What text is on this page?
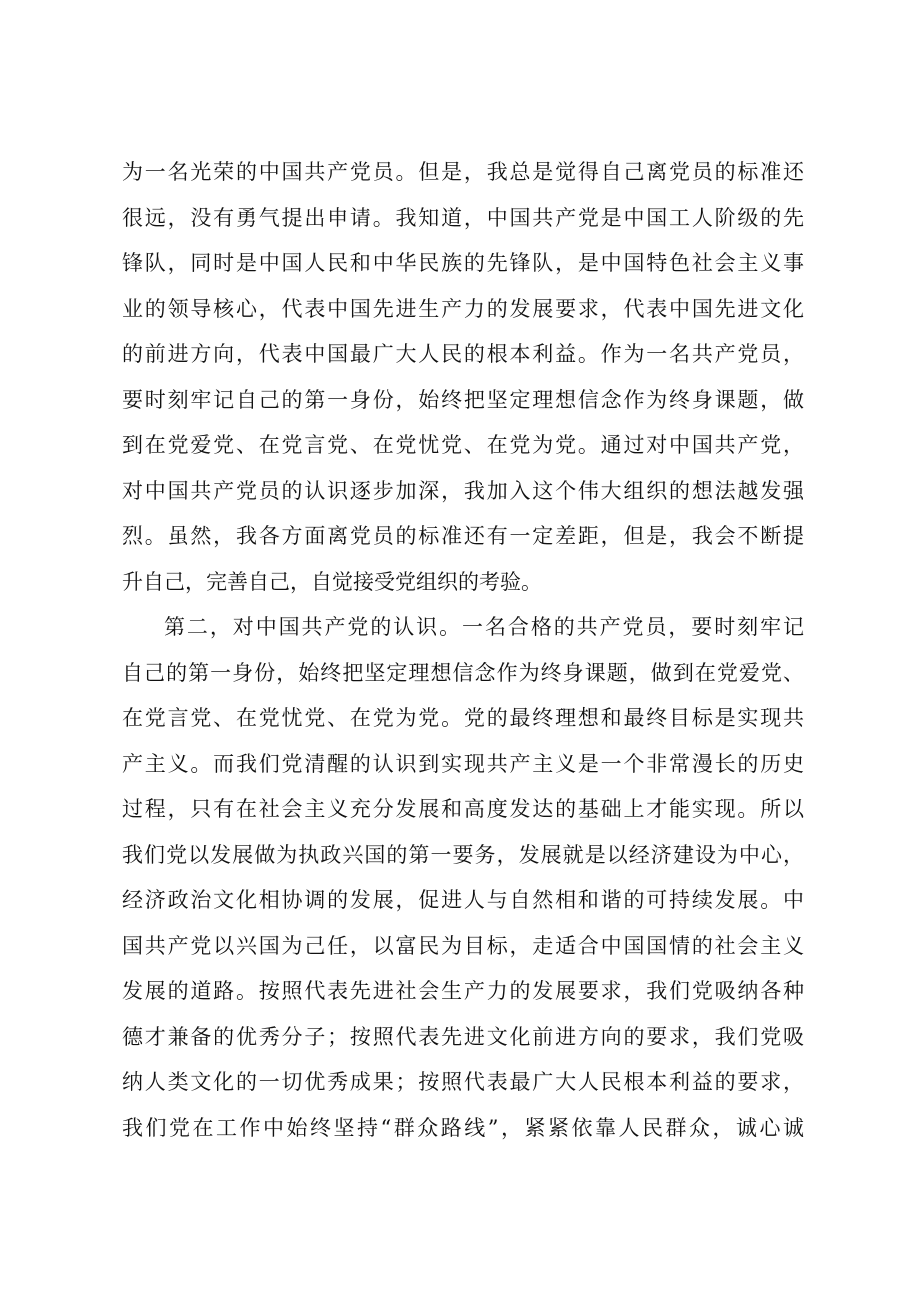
为一名光荣的中国共产党员。但是，我总是觉得自己离党员的标准还
很远，没有勇气提出申请。我知道，中国共产党是中国工人阶级的先
锋队，同时是中国人民和中华民族的先锋队，是中国特色社会主义事
业的领导核心，代表中国先进生产力的发展要求，代表中国先进文化
的前进方向，代表中国最广大人民的根本利益。作为一名共产党员，
要时刻牢记自己的第一身份，始终把坚定理想信念作为终身课题，做
到在党爱党、在党言党、在党忧党、在党为党。通过对中国共产党，
对中国共产党员的认识逐步加深，我加入这个伟大组织的想法越发强
烈。虽然，我各方面离党员的标准还有一定差距，但是，我会不断提
升自己，完善自己，自觉接受党组织的考验。
第二，对中国共产党的认识。一名合格的共产党员，要时刻牢记
自己的第一身份，始终把坚定理想信念作为终身课题，做到在党爱党、
在党言党、在党忧党、在党为党。党的最终理想和最终目标是实现共
产主义。而我们党清醒的认识到实现共产主义是一个非常漫长的历史
过程，只有在社会主义充分发展和高度发达的基础上才能实现。所以
我们党以发展做为执政兴国的第一要务，发展就是以经济建设为中心，
经济政治文化相协调的发展，促进人与自然相和谐的可持续发展。中
国共产党以兴国为己任，以富民为目标，走适合中国国情的社会主义
发展的道路。按照代表先进社会生产力的发展要求，我们党吸纳各种
德才兼备的优秀分子；按照代表先进文化前进方向的要求，我们党吸
纳人类文化的一切优秀成果；按照代表最广大人民根本利益的要求，
我们党在工作中始终坚持“群众路线”，紧紧依靠人民群众，诚心诚
